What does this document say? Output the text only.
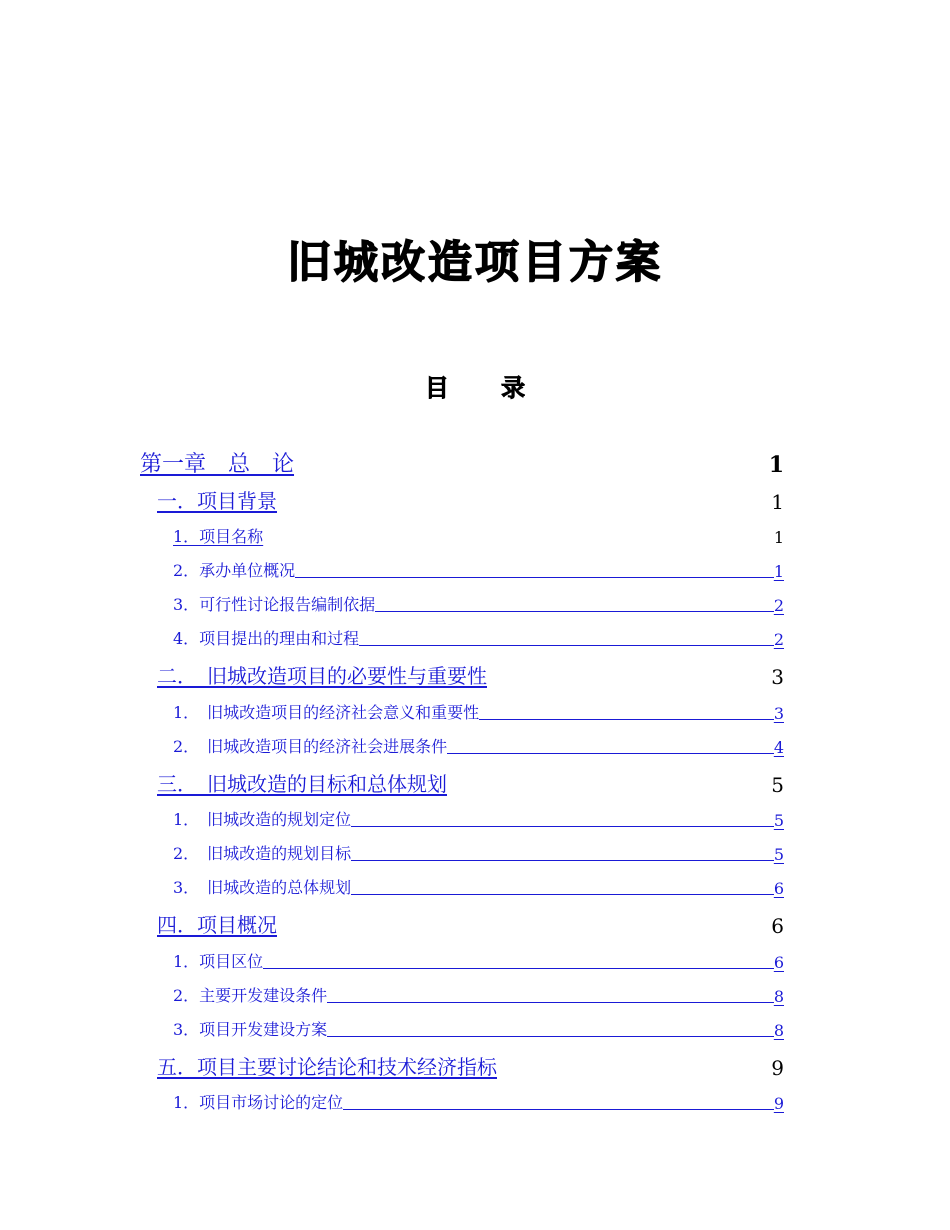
旧城改造项目方案
目 录
第一章　总　论	1
一．项目背景	1
1．项目名称	1
2．承办单位概况	1
3．可行性讨论报告编制依据	2
4．项目提出的理由和过程	2
二．　旧城改造项目的必要性与重要性	3
1．　旧城改造项目的经济社会意义和重要性	3
2．　旧城改造项目的经济社会进展条件	4
三．　旧城改造的目标和总体规划	5
1．　旧城改造的规划定位	5
2．　旧城改造的规划目标	5
3．　旧城改造的总体规划	6
四．项目概况	6
1．项目区位	6
2．主要开发建设条件	8
3．项目开发建设方案	8
五．项目主要讨论结论和技术经济指标	9
1．项目市场讨论的定位	9
